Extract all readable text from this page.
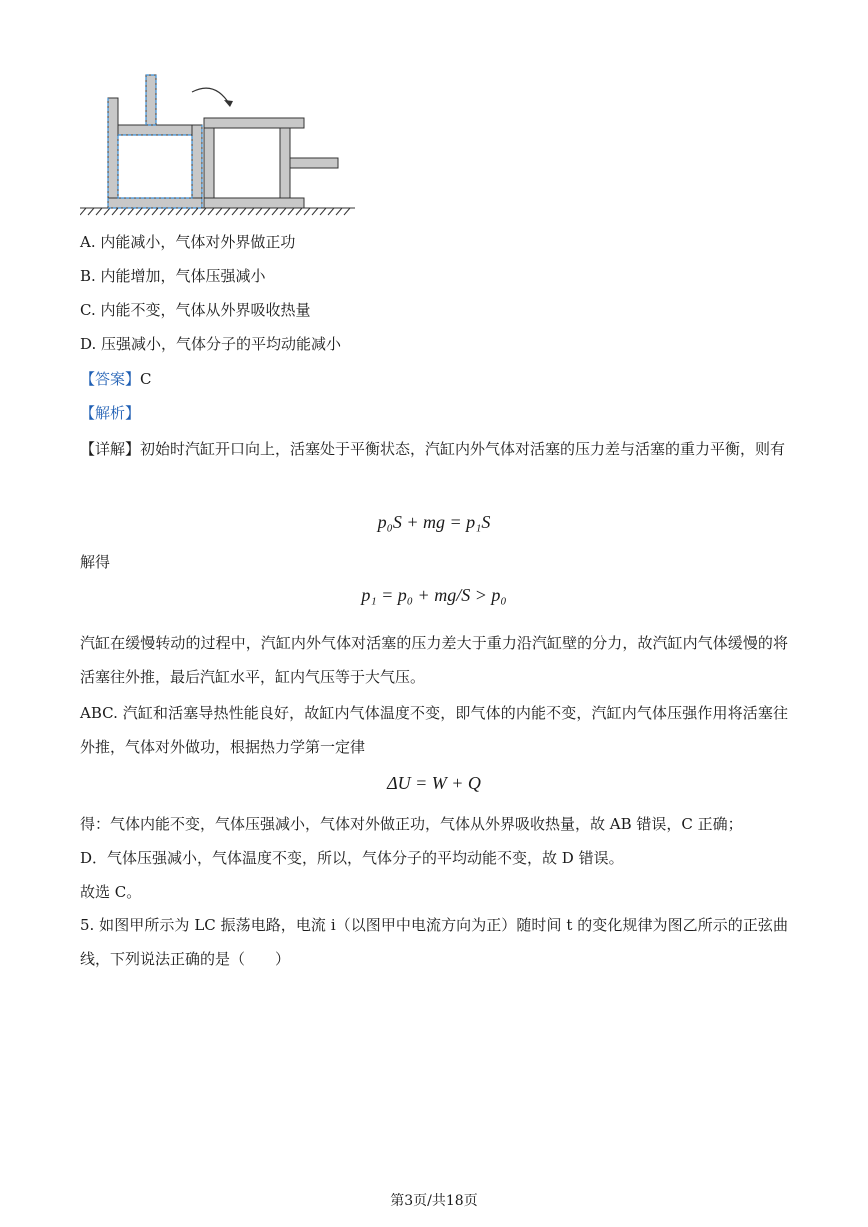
A. 内能减小，气体对外界做正功
B. 内能增加，气体压强减小
C. 内能不变，气体从外界吸收热量
D. 压强减小，气体分子的平均动能减小
【答案】C
【解析】
【详解】初始时汽缸开口向上，活塞处于平衡状态，汽缸内外气体对活塞的压力差与活塞的重力平衡，则有
p₀S + mg = p₁S
解得
p₁ = p₀ + mg/S > p₀
汽缸在缓慢转动的过程中，汽缸内外气体对活塞的压力差大于重力沿汽缸壁的分力，故汽缸内气体缓慢的将活塞往外推，最后汽缸水平，缸内气压等于大气压。
ABC. 汽缸和活塞导热性能良好，故缸内气体温度不变，即气体的内能不变，汽缸内气体压强作用将活塞往外推，气体对外做功，根据热力学第一定律
ΔU = W + Q
得：气体内能不变，气体压强减小，气体对外做正功，气体从外界吸收热量，故 AB 错误，C 正确；
D．气体压强减小，气体温度不变，所以，气体分子的平均动能不变，故 D 错误。
故选 C。
5. 如图甲所示为 LC 振荡电路，电流 i（以图甲中电流方向为正）随时间 t 的变化规律为图乙所示的正弦曲线，下列说法正确的是（　　）
第3页/共18页
